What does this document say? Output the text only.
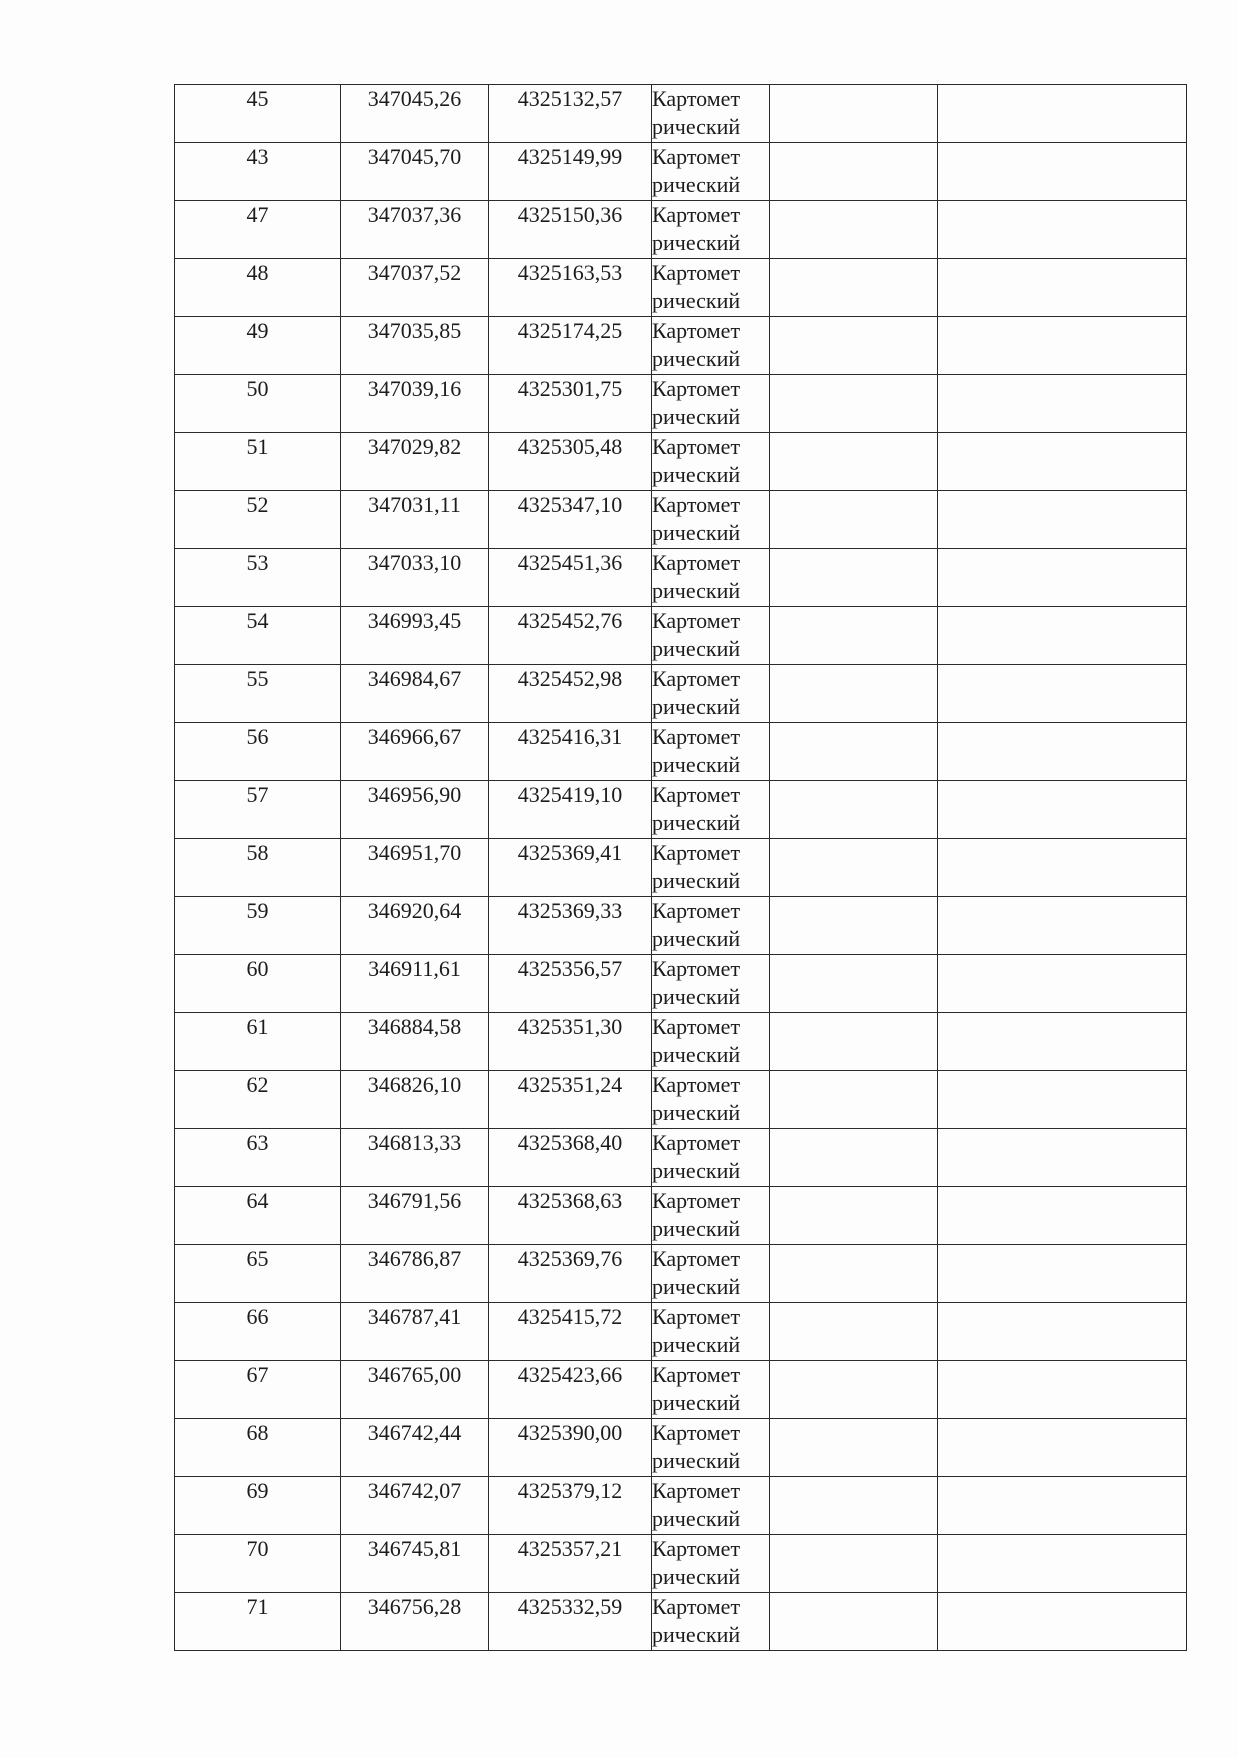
45	347045,26	4325132,57	Картомет
рический		

43	347045,70	4325149,99	Картомет
рический		

47	347037,36	4325150,36	Картомет
рический		

48	347037,52	4325163,53	Картомет
рический		

49	347035,85	4325174,25	Картомет
рический		

50	347039,16	4325301,75	Картомет
рический		

51	347029,82	4325305,48	Картомет
рический		

52	347031,11	4325347,10	Картомет
рический		

53	347033,10	4325451,36	Картомет
рический		

54	346993,45	4325452,76	Картомет
рический		

55	346984,67	4325452,98	Картомет
рический		

56	346966,67	4325416,31	Картомет
рический		

57	346956,90	4325419,10	Картомет
рический		

58	346951,70	4325369,41	Картомет
рический		

59	346920,64	4325369,33	Картомет
рический		

60	346911,61	4325356,57	Картомет
рический		

61	346884,58	4325351,30	Картомет
рический		

62	346826,10	4325351,24	Картомет
рический		

63	346813,33	4325368,40	Картомет
рический		

64	346791,56	4325368,63	Картомет
рический		

65	346786,87	4325369,76	Картомет
рический		

66	346787,41	4325415,72	Картомет
рический		

67	346765,00	4325423,66	Картомет
рический		

68	346742,44	4325390,00	Картомет
рический		

69	346742,07	4325379,12	Картомет
рический		

70	346745,81	4325357,21	Картомет
рический		

71	346756,28	4325332,59	Картомет
рический		
